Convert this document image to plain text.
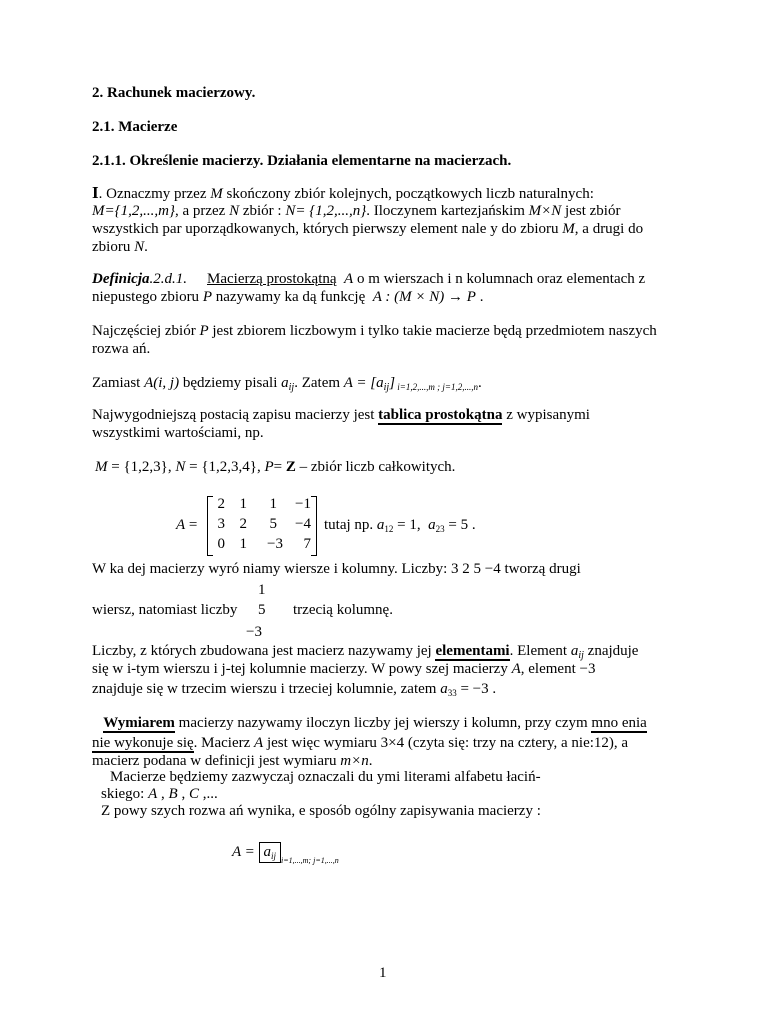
2. Rachunek macierzowy.
2.1. Macierze
2.1.1. Określenie macierzy. Działania elementarne na macierzach.
I. Oznaczmy przez M skończony zbiór kolejnych, początkowych liczb naturalnych:
M={1,2,...,m}, a przez N zbiór : N= {1,2,...,n}. Iloczynem kartezjańskim M×N jest zbiór
wszystkich par uporządkowanych, których pierwszy element nale y do zbioru M, a drugi do
zbioru N.
Definicja.2.d.1. Macierzą prostokątną A o m wierszach i n kolumnach oraz elementach z
niepustego zbioru P nazywamy ka dą funkcję  A : (M × N) → P .
Najczęściej zbiór P jest zbiorem liczbowym i tylko takie macierze będą przedmiotem naszych
rozwa ań.
Zamiast A(i, j) będziemy pisali $a_{ij}$. Zatem $A = [a_{ij}]$ $_{i=1,2,...,m ; j=1,2,...,n}$.
Najwygodniejszą postacią zapisu macierzy jest tablica prostokątna z wypisanymi
wszystkimi wartościami, np.
M = {1,2,3}, N = {1,2,3,4}, P= Z – zbiór liczb całkowitych.
A =
2 1	1	−1
3 2	5	−4
0 1	−3	7
tutaj np. $a_{12} = 1$, $a_{23} = 5$ .
W ka dej macierzy wyró niamy wiersze i kolumny. Liczby: 3 2 5 −4 tworzą drugi
1
wiersz, natomiast liczby 5 trzecią kolumnę.
−3
Liczby, z których zbudowana jest macierz nazywamy jej elementami. Element $a_{ij}$ znajduje
się w i-tym wierszu i j-tej kolumnie macierzy. W powy szej macierzy A, element −3
znajduje się w trzecim wierszu i trzeciej kolumnie, zatem $a_{33} = -3$ .
Wymiarem macierzy nazywamy iloczyn liczby jej wierszy i kolumn, przy czym mno enia
nie wykonuje się. Macierz A jest więc wymiaru 3×4 (czyta się: trzy na cztery, a nie:12), a
macierz podana w definicji jest wymiaru m×n.
Macierze będziemy zazwyczaj oznaczali du ymi literami alfabetu łaciń-
skiego: A , B , C ,...
Z powy szych rozwa ań wynika, e sposób ogólny zapisywania macierzy :
$A = a_{ij}$ $_{i=1,...,m; j=1,...,n}$
1
